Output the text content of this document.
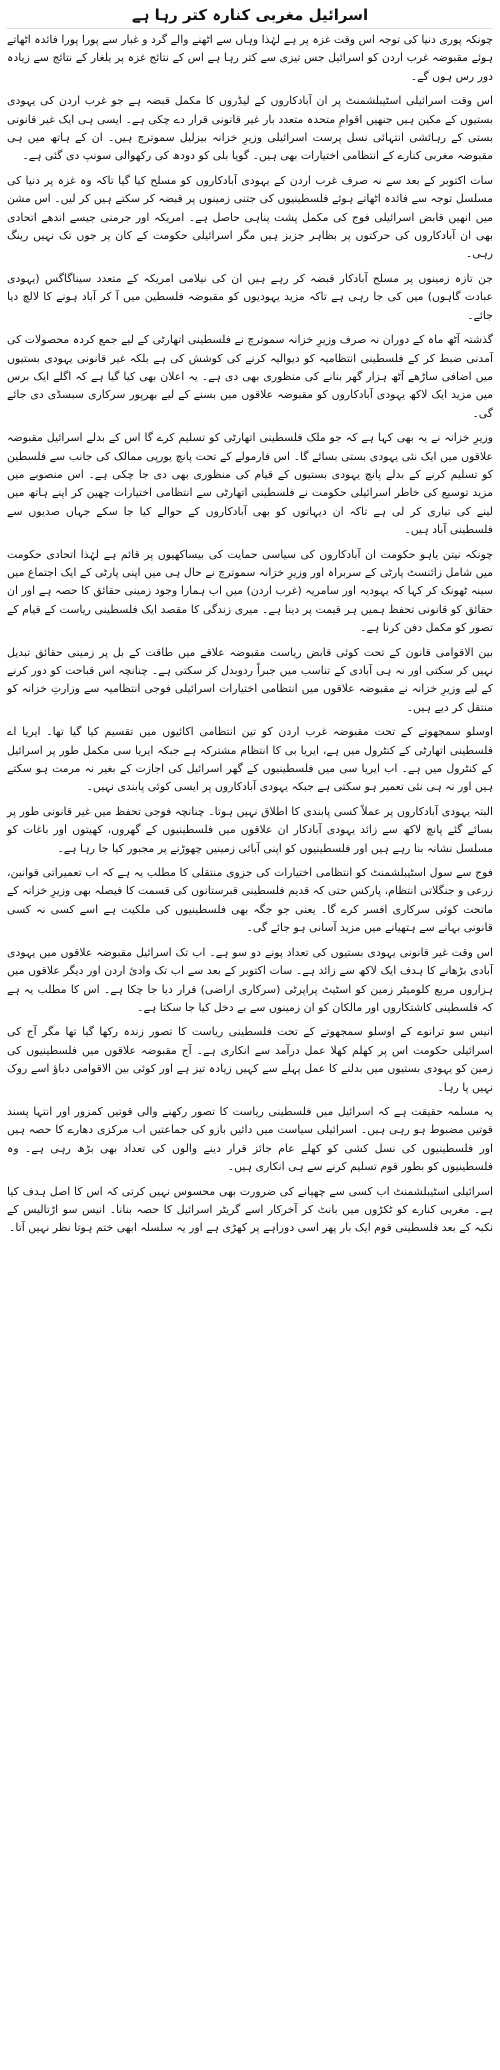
اسرائیل مغربی کنارہ کتر رہا ہے

چونکہ پوری دنیا کی توجہ اس وقت غزہ پر ہے لہٰذا وہاں سے اٹھنے والے گرد و غبار سے پورا پورا فائدہ اٹھاتے ہوئے مقبوضہ غرب اردن کو اسرائیل جس تیزی سے کتر رہا ہے اس کے نتائج غزہ پر یلغار کے نتائج سے زیادہ دور رس ہوں گے۔

اس وقت اسرائیلی اسٹیبلشمنٹ پر ان آبادکاروں کے لیڈروں کا مکمل قبضہ ہے جو غرب اردن کی یہودی بستیوں کے مکین ہیں جنھیں اقوامِ متحدہ متعدد بار غیر قانونی قرار دے چکی ہے۔ ایسی ہی ایک غیر قانونی بستی کے رہائشی انتہائی نسل پرست اسرائیلی وزیرِ خزانہ بیزلیل سموترچ ہیں۔ ان کے ہاتھ میں ہی مقبوضہ مغربی کنارے کے انتظامی اختیارات بھی ہیں۔ گویا بلی کو دودھ کی رکھوالی سونپ دی گئی ہے۔

سات اکتوبر کے بعد سے نہ صرف غرب اردن کے یہودی آبادکاروں کو مسلح کیا گیا تاکہ وہ غزہ پر دنیا کی مسلسل توجہ سے فائدہ اٹھاتے ہوئے فلسطینیوں کی جتنی زمینوں پر قبضہ کر سکتے ہیں کر لیں۔ اس مشن میں انھیں قابض اسرائیلی فوج کی مکمل پشت پناہی حاصل ہے۔ امریکہ اور جرمنی جیسے اندھے اتحادی بھی ان آبادکاروں کی حرکتوں پر بظاہر جزبز ہیں مگر اسرائیلی حکومت کے کان پر جوں تک نہیں رینگ رہی۔

جن تازہ زمینوں پر مسلح آبادکار قبضہ کر رہے ہیں ان کی نیلامی امریکہ کے متعدد سیناگاگس (یہودی عبادت گاہوں) میں کی جا رہی ہے تاکہ مزید یہودیوں کو مقبوضہ فلسطین میں آ کر آباد ہونے کا لالچ دیا جائے۔

گذشتہ آٹھ ماہ کے دوران نہ صرف وزیرِ خزانہ سموترچ نے فلسطینی اتھارٹی کے لیے جمع کردہ محصولات کی آمدنی ضبط کر کے فلسطینی انتظامیہ کو دیوالیہ کرنے کی کوشش کی ہے بلکہ غیر قانونی یہودی بستیوں میں اضافی ساڑھے آٹھ ہزار گھر بنانے کی منظوری بھی دی ہے۔ یہ اعلان بھی کیا گیا ہے کہ اگلے ایک برس میں مزید ایک لاکھ یہودی آبادکاروں کو مقبوضہ علاقوں میں بسنے کے لیے بھرپور سرکاری سبسڈی دی جائے گی۔

وزیرِ خزانہ نے یہ بھی کہا ہے کہ جو ملک فلسطینی اتھارٹی کو تسلیم کرے گا اس کے بدلے اسرائیل مقبوضہ علاقوں میں ایک نئی یہودی بستی بسائے گا۔ اس فارمولے کے تحت پانچ یورپی ممالک کی جانب سے فلسطین کو تسلیم کرنے کے بدلے پانچ یہودی بستیوں کے قیام کی منظوری بھی دی جا چکی ہے۔ اس منصوبے میں مزید توسیع کی خاطر اسرائیلی حکومت نے فلسطینی اتھارٹی سے انتظامی اختیارات چھین کر اپنے ہاتھ میں لینے کی تیاری کر لی ہے تاکہ ان دیہاتوں کو بھی آبادکاروں کے حوالے کیا جا سکے جہاں صدیوں سے فلسطینی آباد ہیں۔

چونکہ نیتن یاہو حکومت ان آبادکاروں کی سیاسی حمایت کی بیساکھیوں پر قائم ہے لہٰذا اتحادی حکومت میں شامل زائنسٹ پارٹی کے سربراہ اور وزیرِ خزانہ سموترچ نے حال ہی میں اپنی پارٹی کے ایک اجتماع میں سینہ ٹھونک کر کہا کہ یہودیہ اور سامریہ (غرب اردن) میں اب ہمارا وجود زمینی حقائق کا حصہ ہے اور ان حقائق کو قانونی تحفظ ہمیں ہر قیمت پر دینا ہے۔ میری زندگی کا مقصد ایک فلسطینی ریاست کے قیام کے تصور کو مکمل دفن کرنا ہے۔

بین الاقوامی قانون کے تحت کوئی قابض ریاست مقبوضہ علاقے میں طاقت کے بل پر زمینی حقائق تبدیل نہیں کر سکتی اور نہ ہی آبادی کے تناسب میں جبراً ردوبدل کر سکتی ہے۔ چنانچہ اس قباحت کو دور کرنے کے لیے وزیرِ خزانہ نے مقبوضہ علاقوں میں انتظامی اختیارات اسرائیلی فوجی انتظامیہ سے وزارتِ خزانہ کو منتقل کر دیے ہیں۔

اوسلو سمجھوتے کے تحت مقبوضہ غرب اردن کو تین انتظامی اکائیوں میں تقسیم کیا گیا تھا۔ ایریا اے فلسطینی اتھارٹی کے کنٹرول میں ہے، ایریا بی کا انتظام مشترکہ ہے جبکہ ایریا سی مکمل طور پر اسرائیل کے کنٹرول میں ہے۔ اب ایریا سی میں فلسطینیوں کے گھر اسرائیل کی اجازت کے بغیر نہ مرمت ہو سکتے ہیں اور نہ ہی نئی تعمیر ہو سکتی ہے جبکہ یہودی آبادکاروں پر ایسی کوئی پابندی نہیں۔

البتہ یہودی آبادکاروں پر عملاً کسی پابندی کا اطلاق نہیں ہوتا۔ چنانچہ فوجی تحفظ میں غیر قانونی طور پر بسائے گئے پانچ لاکھ سے زائد یہودی آبادکار ان علاقوں میں فلسطینیوں کے گھروں، کھیتوں اور باغات کو مسلسل نشانہ بنا رہے ہیں اور فلسطینیوں کو اپنی آبائی زمینیں چھوڑنے پر مجبور کیا جا رہا ہے۔

فوج سے سول اسٹیبلشمنٹ کو انتظامی اختیارات کی جزوی منتقلی کا مطلب یہ ہے کہ اب تعمیراتی قوانین، زرعی و جنگلاتی انتظام، پارکس حتی کہ قدیم فلسطینی قبرستانوں کی قسمت کا فیصلہ بھی وزیرِ خزانہ کے ماتحت کوئی سرکاری افسر کرے گا۔ یعنی جو جگہ بھی فلسطینیوں کی ملکیت ہے اسے کسی نہ کسی قانونی بہانے سے ہتھیانے میں مزید آسانی ہو جائے گی۔

اس وقت غیر قانونی یہودی بستیوں کی تعداد پونے دو سو ہے۔ اب تک اسرائیل مقبوضہ علاقوں میں یہودی آبادی بڑھانے کا ہدف ایک لاکھ سے زائد ہے۔ سات اکتوبر کے بعد سے اب تک وادیٔ اردن اور دیگر علاقوں میں ہزاروں مربع کلومیٹر زمین کو اسٹیٹ پراپرٹی (سرکاری اراضی) قرار دیا جا چکا ہے۔ اس کا مطلب یہ ہے کہ فلسطینی کاشتکاروں اور مالکان کو ان زمینوں سے بے دخل کیا جا سکتا ہے۔

انیس سو ترانوے کے اوسلو سمجھوتے کے تحت فلسطینی ریاست کا تصور زندہ رکھا گیا تھا مگر آج کی اسرائیلی حکومت اس پر کھلم کھلا عمل درآمد سے انکاری ہے۔ آج مقبوضہ علاقوں میں فلسطینیوں کی زمین کو یہودی بستیوں میں بدلنے کا عمل پہلے سے کہیں زیادہ تیز ہے اور کوئی بین الاقوامی دباؤ اسے روک نہیں پا رہا۔

یہ مسلمہ حقیقت ہے کہ اسرائیل میں فلسطینی ریاست کا تصور رکھنے والی قوتیں کمزور اور انتہا پسند قوتیں مضبوط ہو رہی ہیں۔ اسرائیلی سیاست میں دائیں بازو کی جماعتیں اب مرکزی دھارے کا حصہ ہیں اور فلسطینیوں کی نسل کشی کو کھلے عام جائز قرار دینے والوں کی تعداد بھی بڑھ رہی ہے۔ وہ فلسطینیوں کو بطور قوم تسلیم کرنے سے ہی انکاری ہیں۔

اسرائیلی اسٹیبلشمنٹ اب کسی سے چھپانے کی ضرورت بھی محسوس نہیں کرتی کہ اس کا اصل ہدف کیا ہے۔ مغربی کنارے کو ٹکڑوں میں بانٹ کر آخرکار اسے گریٹر اسرائیل کا حصہ بنانا۔ انیس سو اڑتالیس کے نکبہ کے بعد فلسطینی قوم ایک بار پھر اسی دوراہے پر کھڑی ہے اور یہ سلسلہ ابھی ختم ہوتا نظر نہیں آتا۔
